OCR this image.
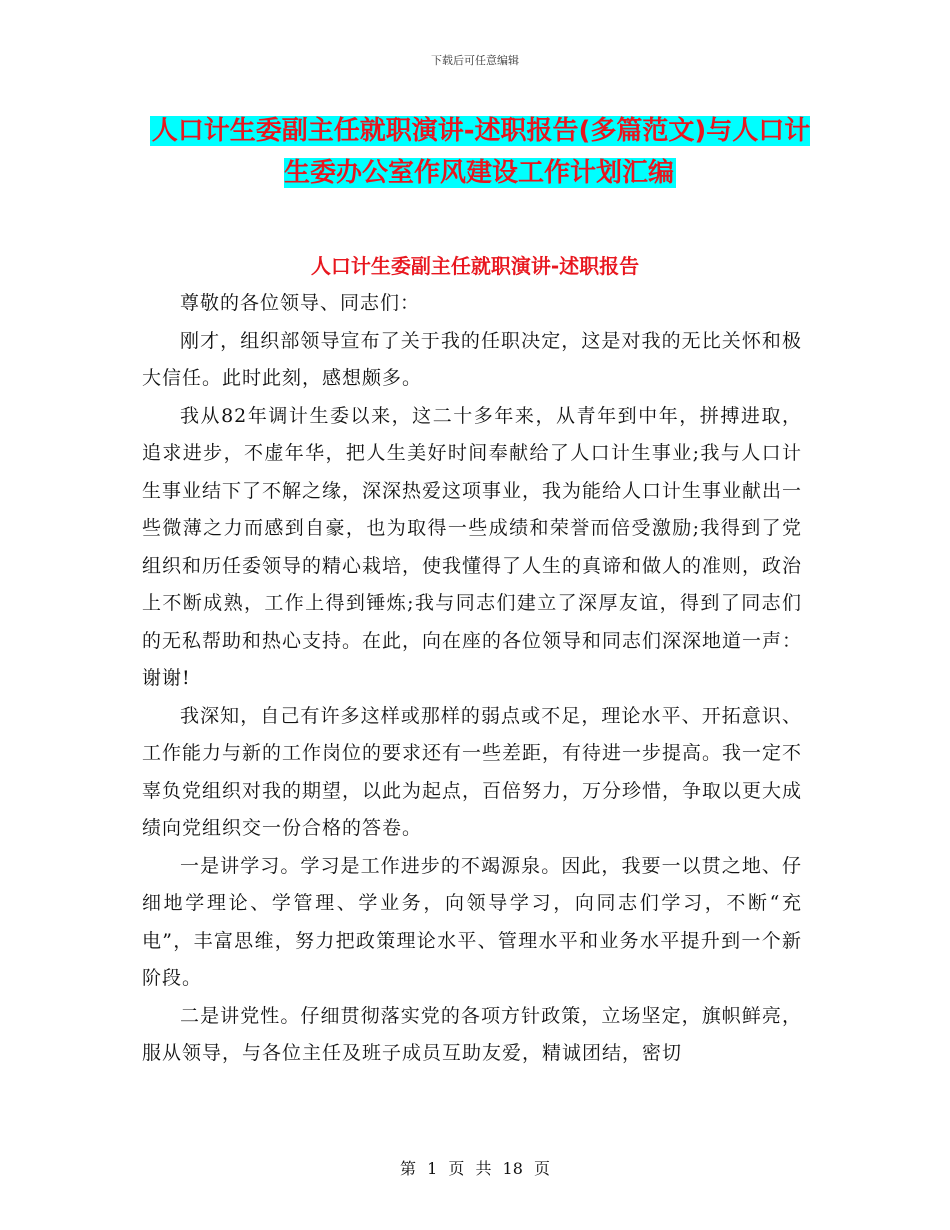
下载后可任意编辑
人口计生委副主任就职演讲-述职报告(多篇范文)与人口计生委办公室作风建设工作计划汇编
人口计生委副主任就职演讲-述职报告

尊敬的各位领导、同志们：

刚才，组织部领导宣布了关于我的任职决定，这是对我的无比关怀和极大信任。此时此刻，感想颇多。

我从82年调计生委以来，这二十多年来，从青年到中年，拼搏进取，追求进步，不虚年华，把人生美好时间奉献给了人口计生事业;我与人口计生事业结下了不解之缘，深深热爱这项事业，我为能给人口计生事业献出一些微薄之力而感到自豪，也为取得一些成绩和荣誉而倍受激励;我得到了党组织和历任委领导的精心栽培，使我懂得了人生的真谛和做人的准则，政治上不断成熟，工作上得到锤炼;我与同志们建立了深厚友谊，得到了同志们的无私帮助和热心支持。在此，向在座的各位领导和同志们深深地道一声：谢谢!

我深知，自己有许多这样或那样的弱点或不足，理论水平、开拓意识、工作能力与新的工作岗位的要求还有一些差距，有待进一步提高。我一定不辜负党组织对我的期望，以此为起点，百倍努力，万分珍惜，争取以更大成绩向党组织交一份合格的答卷。

一是讲学习。学习是工作进步的不竭源泉。因此，我要一以贯之地、仔细地学理论、学管理、学业务，向领导学习，向同志们学习，不断“充电”，丰富思维，努力把政策理论水平、管理水平和业务水平提升到一个新阶段。

二是讲党性。仔细贯彻落实党的各项方针政策，立场坚定，旗帜鲜亮，服从领导，与各位主任及班子成员互助友爱，精诚团结，密切

第 1 页 共 18 页
